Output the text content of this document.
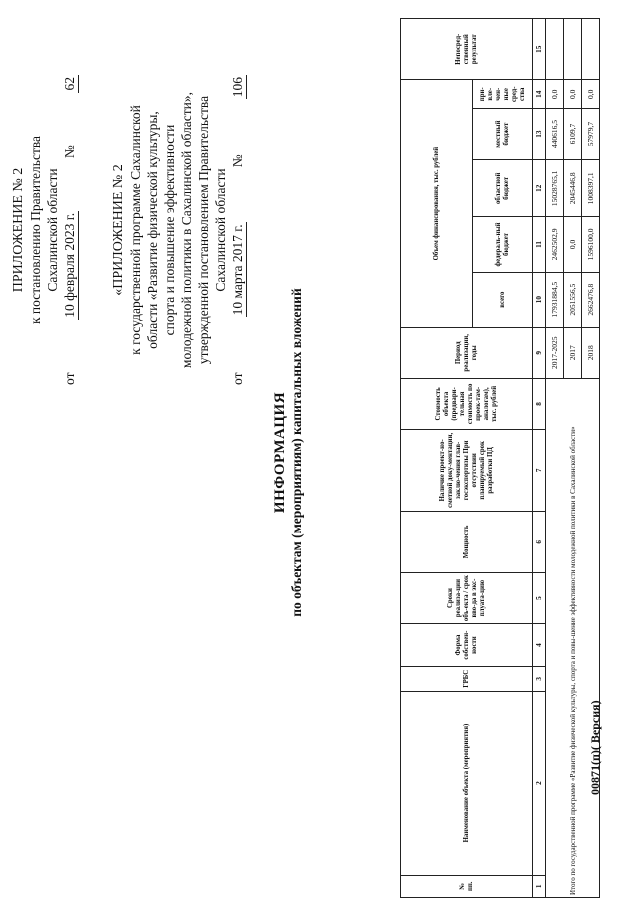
ПРИЛОЖЕНИЕ № 2 к постановлению Правительства Сахалинской области

от
10 февраля 2023 г.
№
62

«ПРИЛОЖЕНИЕ № 2 к государственной программе Сахалинской области «Развитие физической культуры, спорта и повышение эффективности молодежной политики в Сахалинской области», утвержденной постановлением Правительства Сахалинской области

от
10 марта 2017 г.
№
106
ИНФОРМАЦИЯ по объектам (мероприятиям) капитальных вложений
№ пп.	Наименование объекта (мероприятия)	ГРБС	Форма собствен-ности	Сроки реализа-ции объ-екта / срок вво-да в экс-плуата-цию	Мощность	Наличие проект-но-сметной доку-ментации, заклю-чения глав-госэкспертизы При отсутствии планируемый срок разработки ПД	Стоимость объекта (предвари-тельная стоимость по проек-там-аналогам), тыс. рублей	Период реализации, годы	Объем финансирования, тыс. рублей					Непосред-ственный результат
									всего	федераль-ный бюджет	областной бюджет	местный бюджет	при-вле-чен-ные сред-ства	
1	2	3	4	5	6	7	8	9	10	11	12	13	14	15
Итого по государственной программе «Развитие физической культуры, спорта и повы-шение эффективности молодежной политики в Сахалинской области»								2017-2025	17931884,5	2462502,9	15028765,1	440616,5	0,0	
								2017	2051556,5	0,0	2045446,8	6109,7	0,0	
								2018	2662476,8	1596100,0	1008397,1	57979,7	0,0	
00871(п)( Версия)
